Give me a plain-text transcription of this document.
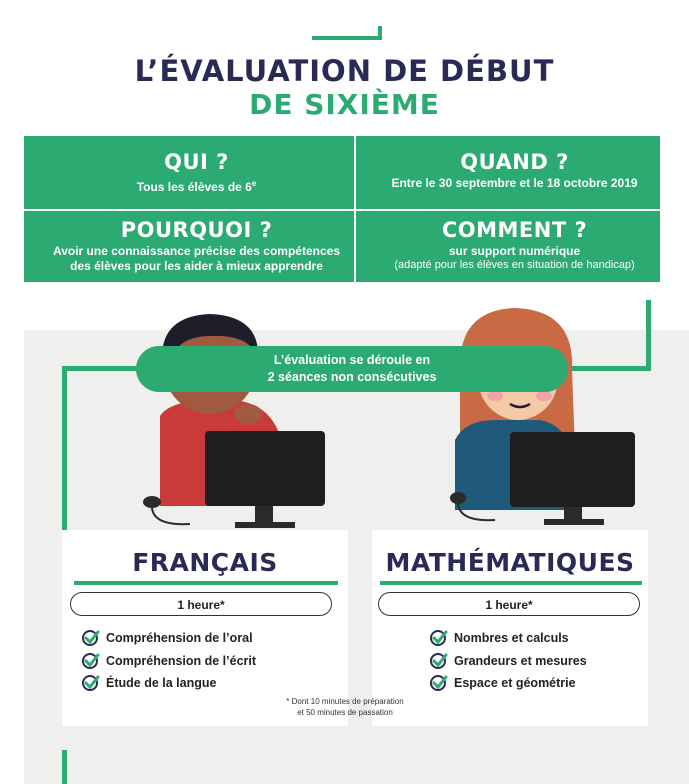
L’ÉVALUATION DE DÉBUT
DE SIXIÈME
QUI ?
Tous les élèves de 6e
QUAND ?
Entre le 30 septembre et le 18 octobre 2019
POURQUOI ?
Avoir une connaissance précise des compétences
des élèves pour les aider à mieux apprendre
COMMENT ?
sur support numérique
(adapté pour les élèves en situation de handicap)
L’évaluation se déroule en
2 séances non consécutives
FRANÇAIS
1 heure*
Compréhension de l’oral
Compréhension de l’écrit
Étude de la langue
MATHÉMATIQUES
1 heure*
Nombres et calculs
Grandeurs et mesures
Espace et géométrie
* Dont 10 minutes de préparation
et 50 minutes de passation
